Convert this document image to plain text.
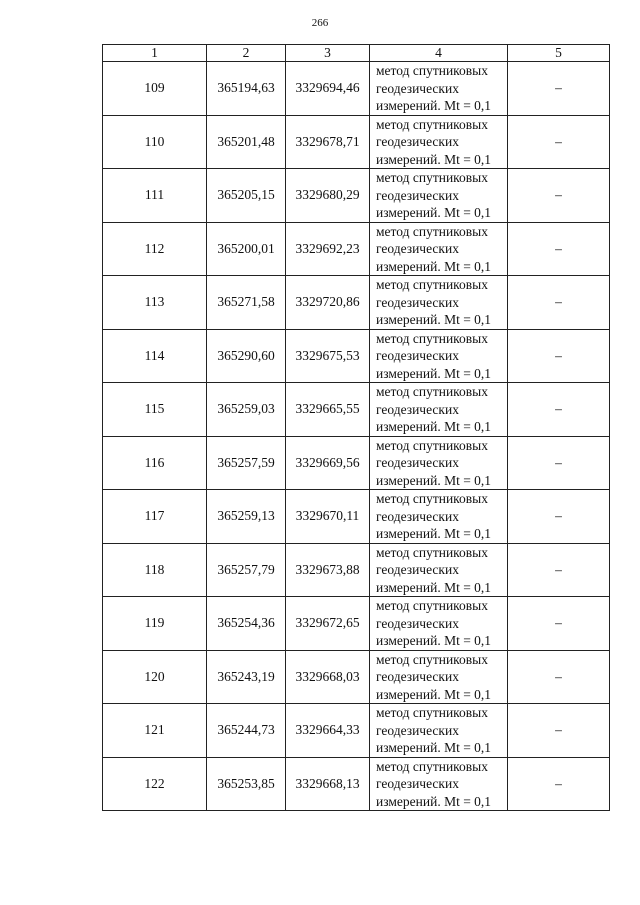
266
1	2	3	4	5
109	365194,63	3329694,46	метод спутниковых
геодезических
измерений. Mt = 0,1	–
110	365201,48	3329678,71	метод спутниковых
геодезических
измерений. Mt = 0,1	–
111	365205,15	3329680,29	метод спутниковых
геодезических
измерений. Mt = 0,1	–
112	365200,01	3329692,23	метод спутниковых
геодезических
измерений. Mt = 0,1	–
113	365271,58	3329720,86	метод спутниковых
геодезических
измерений. Mt = 0,1	–
114	365290,60	3329675,53	метод спутниковых
геодезических
измерений. Mt = 0,1	–
115	365259,03	3329665,55	метод спутниковых
геодезических
измерений. Mt = 0,1	–
116	365257,59	3329669,56	метод спутниковых
геодезических
измерений. Mt = 0,1	–
117	365259,13	3329670,11	метод спутниковых
геодезических
измерений. Mt = 0,1	–
118	365257,79	3329673,88	метод спутниковых
геодезических
измерений. Mt = 0,1	–
119	365254,36	3329672,65	метод спутниковых
геодезических
измерений. Mt = 0,1	–
120	365243,19	3329668,03	метод спутниковых
геодезических
измерений. Mt = 0,1	–
121	365244,73	3329664,33	метод спутниковых
геодезических
измерений. Mt = 0,1	–
122	365253,85	3329668,13	метод спутниковых
геодезических
измерений. Mt = 0,1	–
